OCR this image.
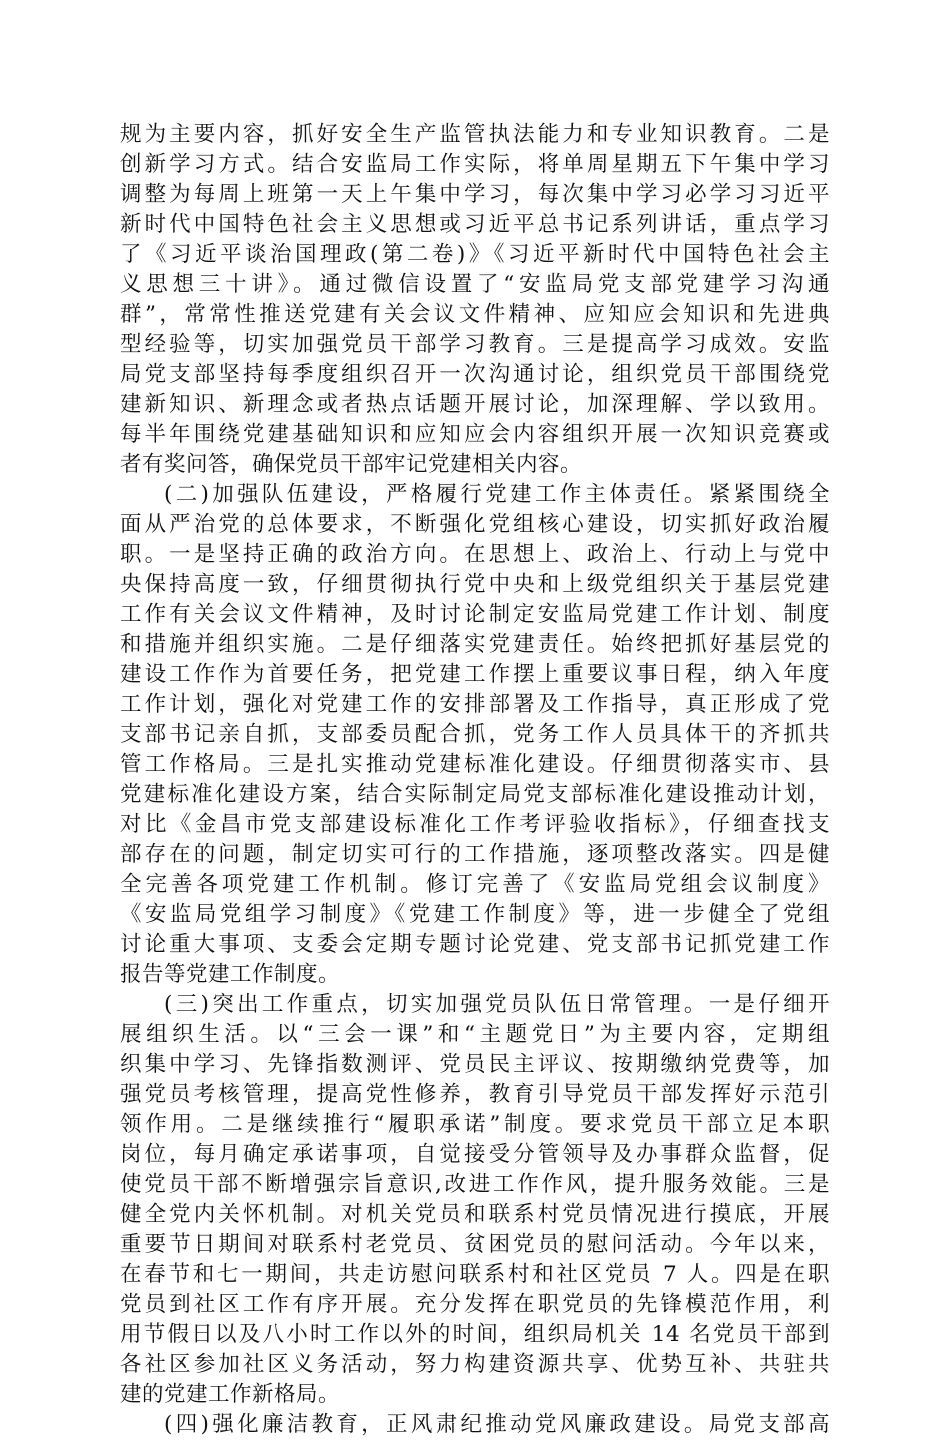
规为主要内容，抓好安全生产监管执法能力和专业知识教育。二是
创新学习方式。结合安监局工作实际，将单周星期五下午集中学习
调整为每周上班第一天上午集中学习，每次集中学习必学习习近平
新时代中国特色社会主义思想或习近平总书记系列讲话，重点学习
了《习近平谈治国理政(第二卷)》《习近平新时代中国特色社会主
义思想三十讲》。通过微信设置了“安监局党支部党建学习沟通
群”，常常性推送党建有关会议文件精神、应知应会知识和先进典
型经验等，切实加强党员干部学习教育。三是提高学习成效。安监
局党支部坚持每季度组织召开一次沟通讨论，组织党员干部围绕党
建新知识、新理念或者热点话题开展讨论，加深理解、学以致用。
每半年围绕党建基础知识和应知应会内容组织开展一次知识竞赛或
者有奖问答，确保党员干部牢记党建相关内容。
(二)加强队伍建设，严格履行党建工作主体责任。紧紧围绕全
面从严治党的总体要求，不断强化党组核心建设，切实抓好政治履
职。一是坚持正确的政治方向。在思想上、政治上、行动上与党中
央保持高度一致，仔细贯彻执行党中央和上级党组织关于基层党建
工作有关会议文件精神，及时讨论制定安监局党建工作计划、制度
和措施并组织实施。二是仔细落实党建责任。始终把抓好基层党的
建设工作作为首要任务，把党建工作摆上重要议事日程，纳入年度
工作计划，强化对党建工作的安排部署及工作指导，真正形成了党
支部书记亲自抓，支部委员配合抓，党务工作人员具体干的齐抓共
管工作格局。三是扎实推动党建标准化建设。仔细贯彻落实市、县
党建标准化建设方案，结合实际制定局党支部标准化建设推动计划，
对比《金昌市党支部建设标准化工作考评验收指标》，仔细查找支
部存在的问题，制定切实可行的工作措施，逐项整改落实。四是健
全完善各项党建工作机制。修订完善了《安监局党组会议制度》
《安监局党组学习制度》《党建工作制度》等，进一步健全了党组
讨论重大事项、支委会定期专题讨论党建、党支部书记抓党建工作
报告等党建工作制度。
(三)突出工作重点，切实加强党员队伍日常管理。一是仔细开
展组织生活。以“三会一课”和“主题党日”为主要内容，定期组
织集中学习、先锋指数测评、党员民主评议、按期缴纳党费等，加
强党员考核管理，提高党性修养，教育引导党员干部发挥好示范引
领作用。二是继续推行“履职承诺”制度。要求党员干部立足本职
岗位，每月确定承诺事项，自觉接受分管领导及办事群众监督，促
使党员干部不断增强宗旨意识,改进工作作风，提升服务效能。三是
健全党内关怀机制。对机关党员和联系村党员情况进行摸底，开展
重要节日期间对联系村老党员、贫困党员的慰问活动。今年以来，
在春节和七一期间，共走访慰问联系村和社区党员 7 人。四是在职
党员到社区工作有序开展。充分发挥在职党员的先锋模范作用，利
用节假日以及八小时工作以外的时间，组织局机关 14 名党员干部到
各社区参加社区义务活动，努力构建资源共享、优势互补、共驻共
建的党建工作新格局。
(四)强化廉洁教育，正风肃纪推动党风廉政建设。局党支部高
